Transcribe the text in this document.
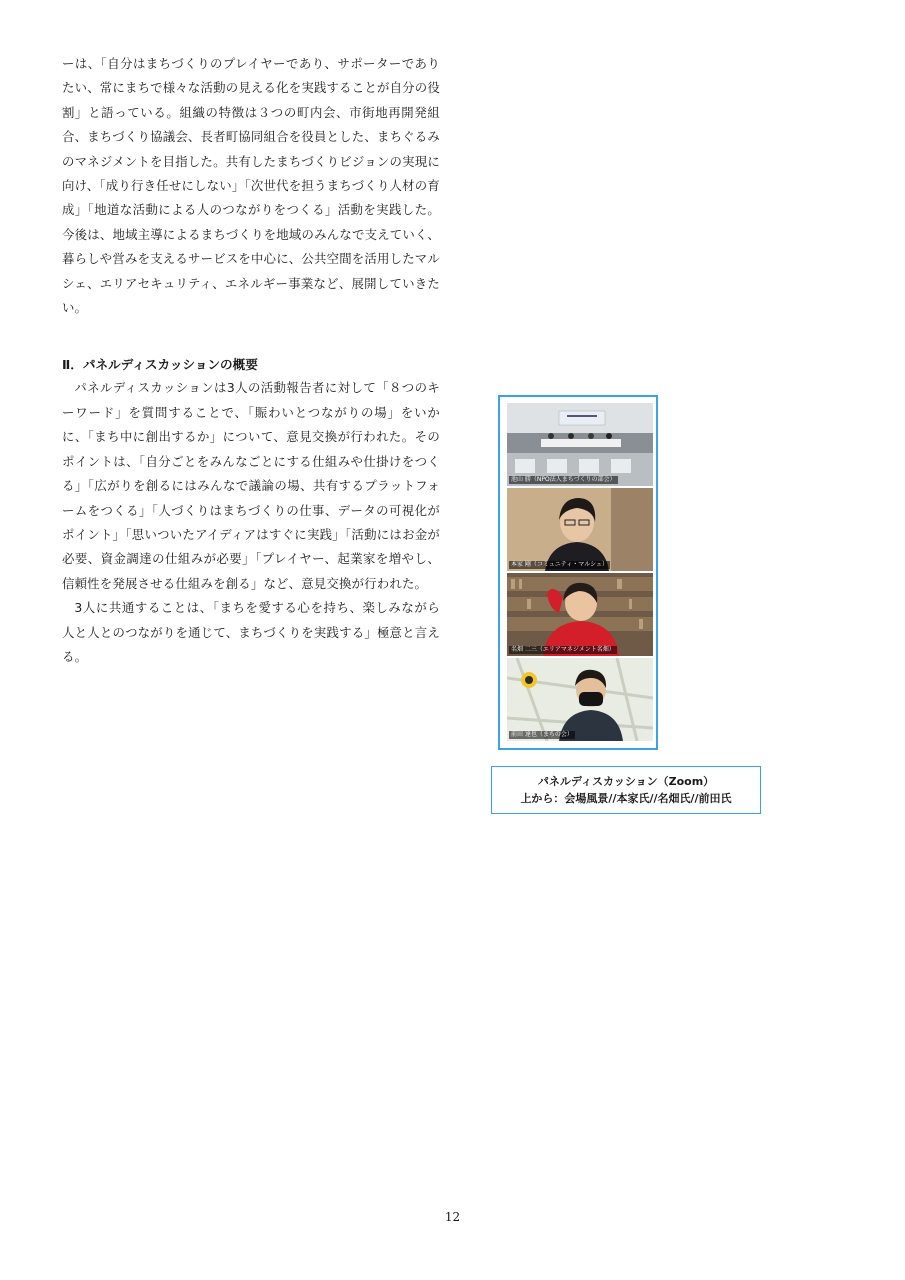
ーは、「自分はまちづくりのプレイヤーであり、サポーターでありたい、常にまちで様々な活動の見える化を実践することが自分の役割」と語っている。組織の特徴は３つの町内会、市街地再開発組合、まちづくり協議会、長者町協同組合を役員とした、まちぐるみのマネジメントを目指した。共有したまちづくりビジョンの実現に向け、「成り行き任せにしない」「次世代を担うまちづくり人材の育成」「地道な活動による人のつながりをつくる」活動を実践した。今後は、地域主導によるまちづくりを地域のみんなで支えていく、暮らしや営みを支えるサービスを中心に、公共空間を活用したマルシェ、エリアセキュリティ、エネルギー事業など、展開していきたい。

Ⅱ．パネルディスカッションの概要

パネルディスカッションは3人の活動報告者に対して「８つのキーワード」を質問することで、「賑わいとつながりの場」をいかに、「まち中に創出するか」について、意見交換が行われた。そのポイントは、「自分ごとをみんなごとにする仕組みや仕掛けをつくる」「広がりを創るにはみんなで議論の場、共有するプラットフォームをつくる」「人づくりはまちづくりの仕事、データの可視化がポイント」「思いついたアイディアはすぐに実践」「活動にはお金が必要、資金調達の仕組みが必要」「プレイヤー、起業家を増やし、信頼性を発展させる仕組みを創る」など、意見交換が行われた。

3人に共通することは、「まちを愛する心を持ち、楽しみながら人と人とのつながりを通じて、まちづくりを実践する」極意と言える。

池山 勝（NPO法人まちづくりの部会）
本家 剛（コミュニティ・マルシェ）
名畑 二三（エリアマネジメント名畑）
前田 達也（まちの会）
パネルディスカッション（Zoom）
上から：会場風景//本家氏//名畑氏//前田氏
12
